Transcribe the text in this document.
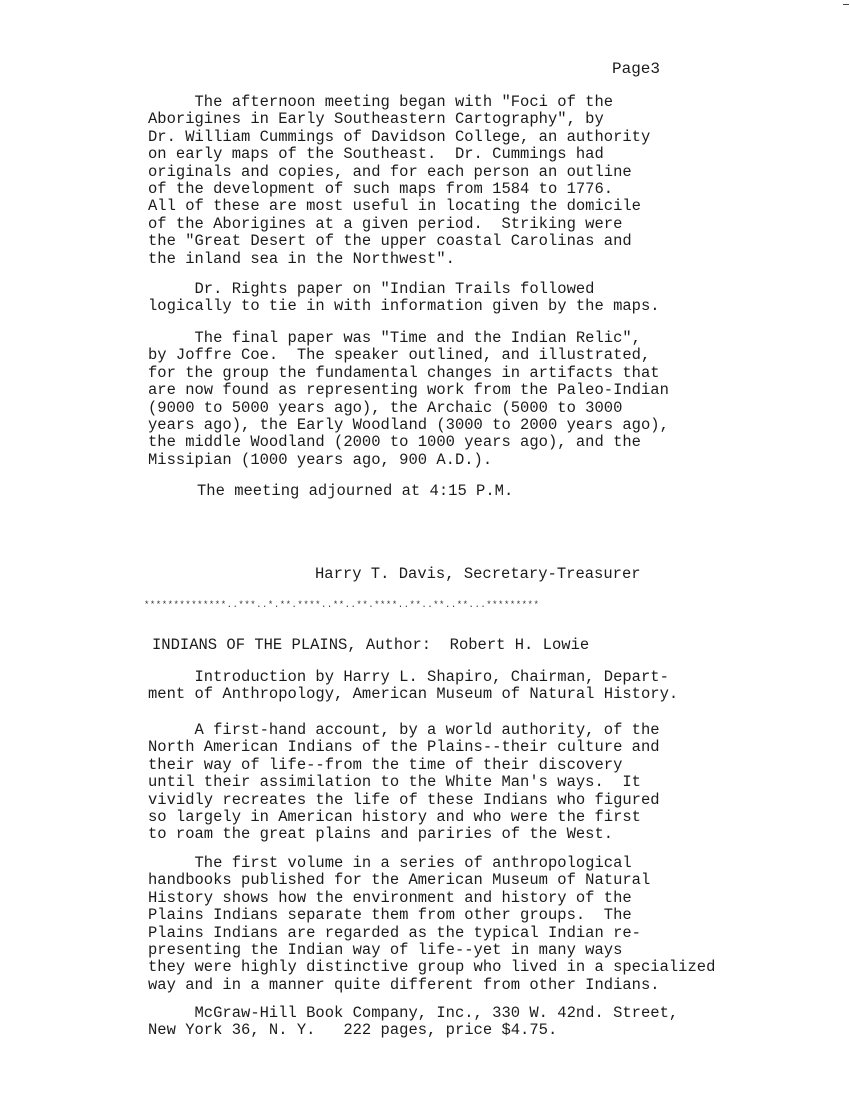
Page3
The afternoon meeting began with "Foci of the
Aborigines in Early Southeastern Cartography", by
Dr. William Cummings of Davidson College, an authority
on early maps of the Southeast.  Dr. Cummings had
originals and copies, and for each person an outline
of the development of such maps from 1584 to 1776.
All of these are most useful in locating the domicile
of the Aborigines at a given period.  Striking were
the "Great Desert of the upper coastal Carolinas and
the inland sea in the Northwest".
Dr. Rights paper on "Indian Trails followed
logically to tie in with information given by the maps.
The final paper was "Time and the Indian Relic",
by Joffre Coe.  The speaker outlined, and illustrated,
for the group the fundamental changes in artifacts that
are now found as representing work from the Paleo-Indian
(9000 to 5000 years ago), the Archaic (5000 to 3000
years ago), the Early Woodland (3000 to 2000 years ago),
the middle Woodland (2000 to 1000 years ago), and the
Missipian (1000 years ago, 900 A.D.).
The meeting adjourned at 4:15 P.M.
Harry T. Davis, Secretary-Treasurer
**************..***..*.**.****..**..**.****..**..**..**...*********
INDIANS OF THE PLAINS, Author:  Robert H. Lowie
Introduction by Harry L. Shapiro, Chairman, Depart-
ment of Anthropology, American Museum of Natural History.
A first-hand account, by a world authority, of the
North American Indians of the Plains--their culture and
their way of life--from the time of their discovery
until their assimilation to the White Man's ways.  It
vividly recreates the life of these Indians who figured
so largely in American history and who were the first
to roam the great plains and pariries of the West.
The first volume in a series of anthropological
handbooks published for the American Museum of Natural
History shows how the environment and history of the
Plains Indians separate them from other groups.  The
Plains Indians are regarded as the typical Indian re-
presenting the Indian way of life--yet in many ways
they were highly distinctive group who lived in a specialized
way and in a manner quite different from other Indians.
McGraw-Hill Book Company, Inc., 330 W. 42nd. Street,
New York 36, N. Y.   222 pages, price $4.75.
